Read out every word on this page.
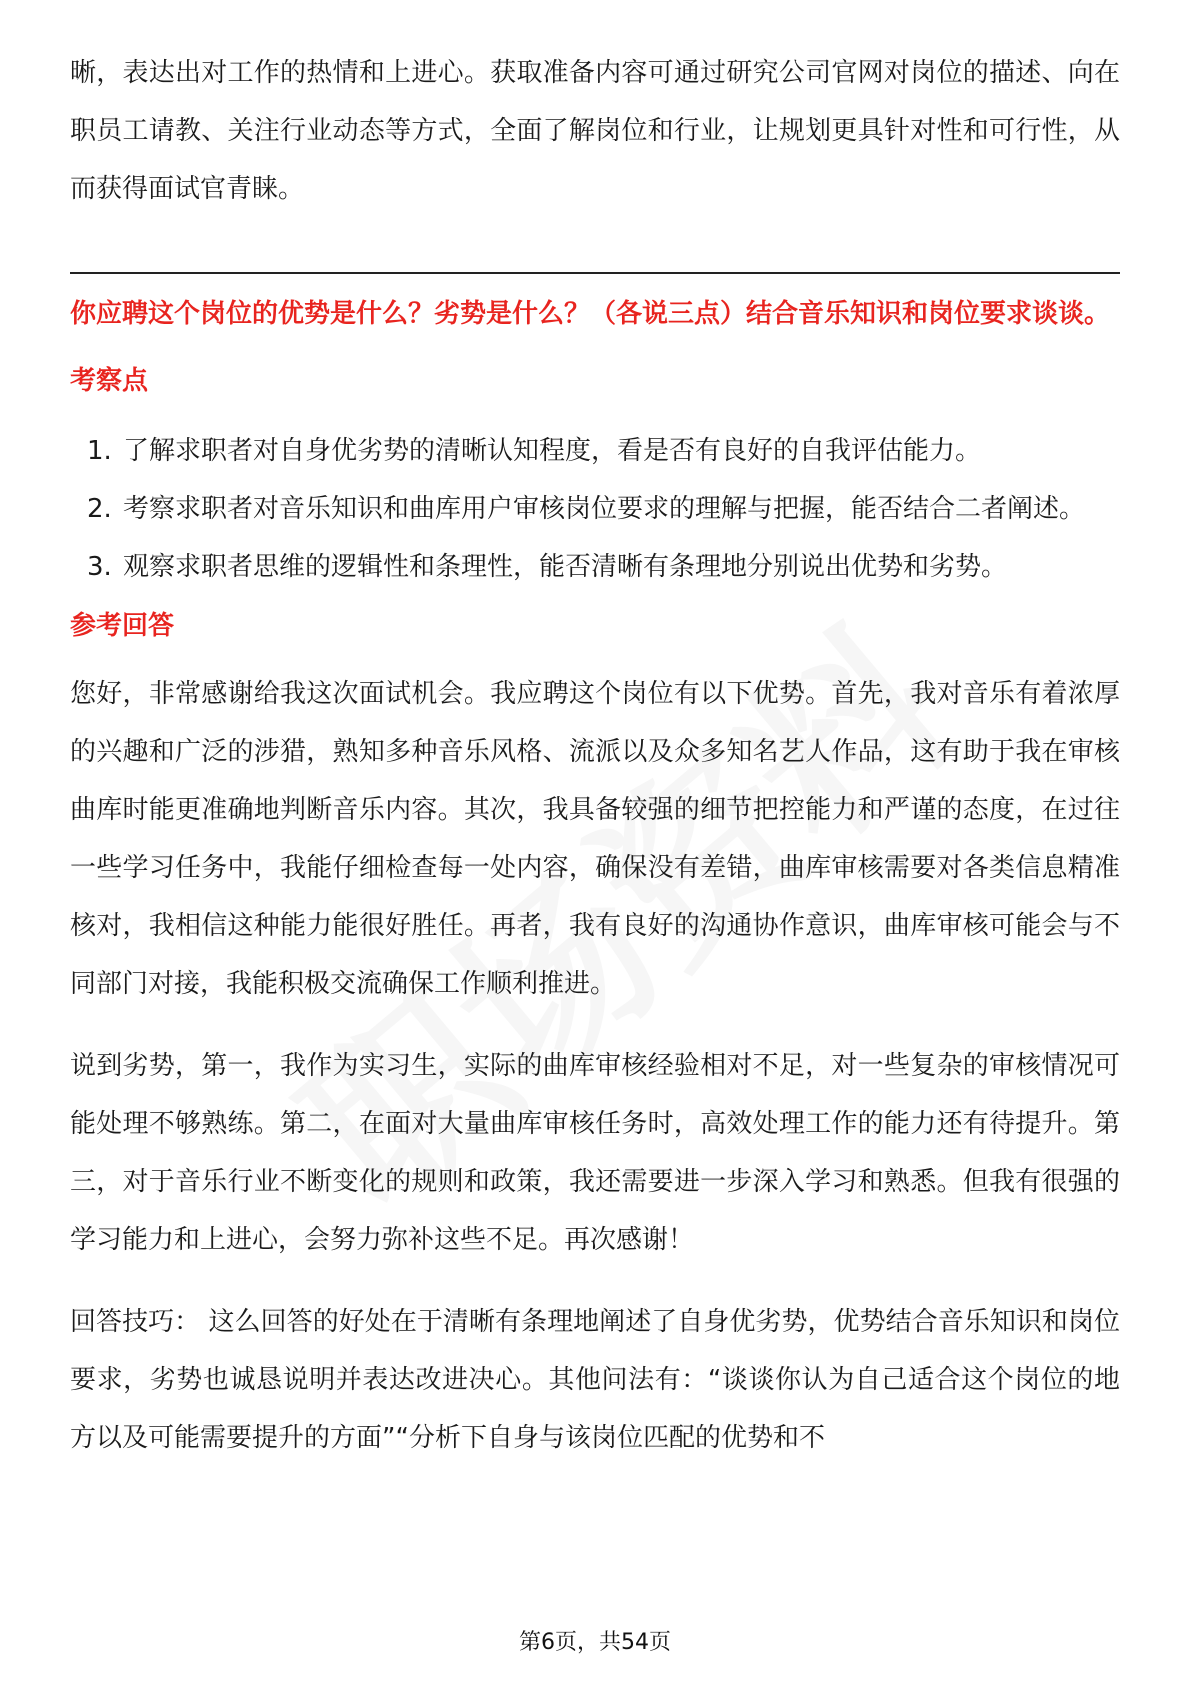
晰，表达出对工作的热情和上进心。获取准备内容可通过研究公司官网对岗位的描述、向在职员工请教、关注行业动态等方式，全面了解岗位和行业，让规划更具针对性和可行性，从而获得面试官青睐。

你应聘这个岗位的优势是什么？劣势是什么？（各说三点）结合音乐知识和岗位要求谈谈。

考察点
1. 了解求职者对自身优劣势的清晰认知程度，看是否有良好的自我评估能力。
2. 考察求职者对音乐知识和曲库用户审核岗位要求的理解与把握，能否结合二者阐述。
3. 观察求职者思维的逻辑性和条理性，能否清晰有条理地分别说出优势和劣势。
参考回答

您好，非常感谢给我这次面试机会。我应聘这个岗位有以下优势。首先，我对音乐有着浓厚的兴趣和广泛的涉猎，熟知多种音乐风格、流派以及众多知名艺人作品，这有助于我在审核曲库时能更准确地判断音乐内容。其次，我具备较强的细节把控能力和严谨的态度，在过往一些学习任务中，我能仔细检查每一处内容，确保没有差错，曲库审核需要对各类信息精准核对，我相信这种能力能很好胜任。再者，我有良好的沟通协作意识，曲库审核可能会与不同部门对接，我能积极交流确保工作顺利推进。

说到劣势，第一，我作为实习生，实际的曲库审核经验相对不足，对一些复杂的审核情况可能处理不够熟练。第二，在面对大量曲库审核任务时，高效处理工作的能力还有待提升。第三，对于音乐行业不断变化的规则和政策，我还需要进一步深入学习和熟悉。但我有很强的学习能力和上进心，会努力弥补这些不足。再次感谢！

回答技巧： 这么回答的好处在于清晰有条理地阐述了自身优劣势，优势结合音乐知识和岗位要求，劣势也诚恳说明并表达改进决心。其他问法有：“谈谈你认为自己适合这个岗位的地方以及可能需要提升的方面”“分析下自身与该岗位匹配的优势和不

第6页，共54页
